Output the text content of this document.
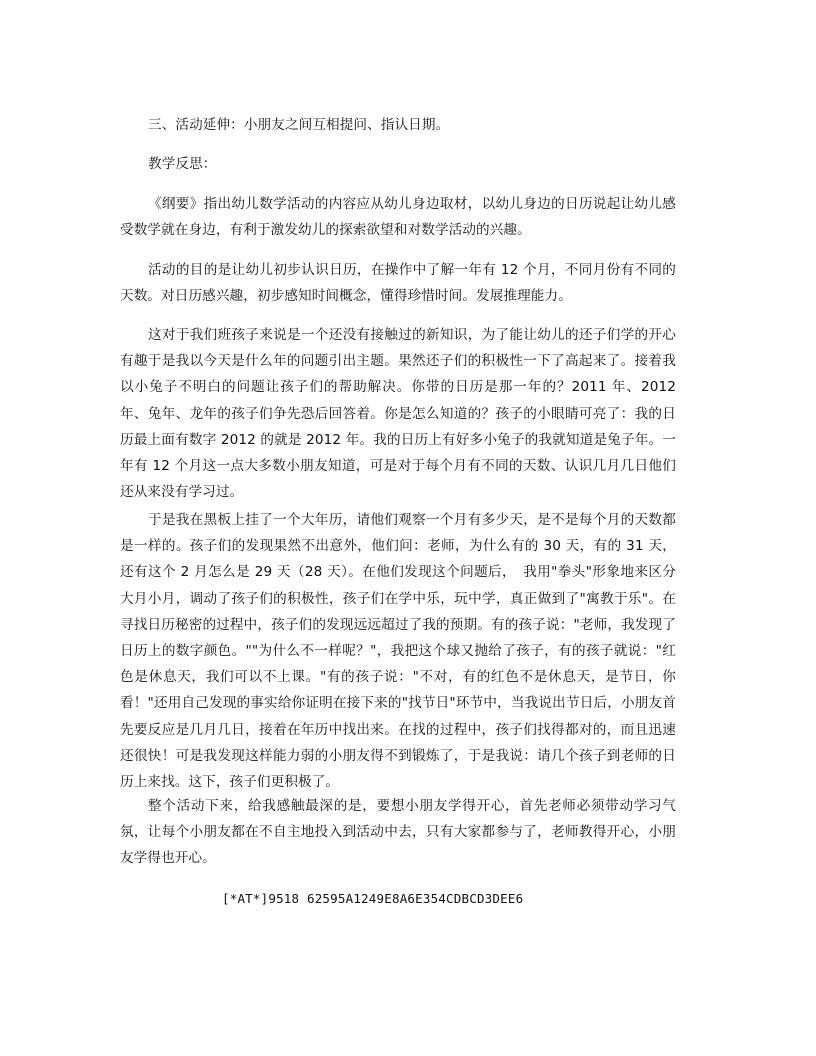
三、活动延伸：小朋友之间互相提问、指认日期。

教学反思：

《纲要》指出幼儿数学活动的内容应从幼儿身边取材，以幼儿身边的日历说起让幼儿感受数学就在身边，有利于激发幼儿的探索欲望和对数学活动的兴趣。

活动的目的是让幼儿初步认识日历，在操作中了解一年有 12 个月，不同月份有不同的天数。对日历感兴趣，初步感知时间概念，懂得珍惜时间。发展推理能力。

这对于我们班孩子来说是一个还没有接触过的新知识，为了能让幼儿的还子们学的开心有趣于是我以今天是什么年的问题引出主题。果然还子们的积极性一下了高起来了。接着我以小兔子不明白的问题让孩子们的帮助解决。你带的日历是那一年的？2011 年、2012 年、兔年、龙年的孩子们争先恐后回答着。你是怎么知道的？孩子的小眼睛可亮了：我的日历最上面有数字 2012 的就是 2012 年。我的日历上有好多小兔子的我就知道是兔子年。一年有 12 个月这一点大多数小朋友知道，可是对于每个月有不同的天数、认识几月几日他们还从来没有学习过。

于是我在黑板上挂了一个大年历，请他们观察一个月有多少天，是不是每个月的天数都是一样的。孩子们的发现果然不出意外，他们问：老师，为什么有的 30 天，有的 31 天，还有这个 2 月怎么是 29 天（28 天）。在他们发现这个问题后，　我用"拳头"形象地来区分大月小月，调动了孩子们的积极性，孩子们在学中乐，玩中学，真正做到了"寓教于乐"。在寻找日历秘密的过程中，孩子们的发现远远超过了我的预期。有的孩子说："老师，我发现了日历上的数字颜色。""为什么不一样呢？"，我把这个球又抛给了孩子，有的孩子就说："红色是休息天，我们可以不上课。"有的孩子说："不对，有的红色不是休息天，是节日，你看！"还用自己发现的事实给你证明在接下来的"找节日"环节中，当我说出节日后，小朋友首先要反应是几月几日，接着在年历中找出来。在找的过程中，孩子们找得都对的，而且迅速还很快！可是我发现这样能力弱的小朋友得不到锻炼了，于是我说：请几个孩子到老师的日历上来找。这下，孩子们更积极了。

整个活动下来，给我感触最深的是，要想小朋友学得开心，首先老师必须带动学习气氛，让每个小朋友都在不自主地投入到活动中去，只有大家都参与了，老师教得开心，小朋友学得也开心。

[*AT*]9518 62595A1249E8A6E354CDBCD3DEE6
